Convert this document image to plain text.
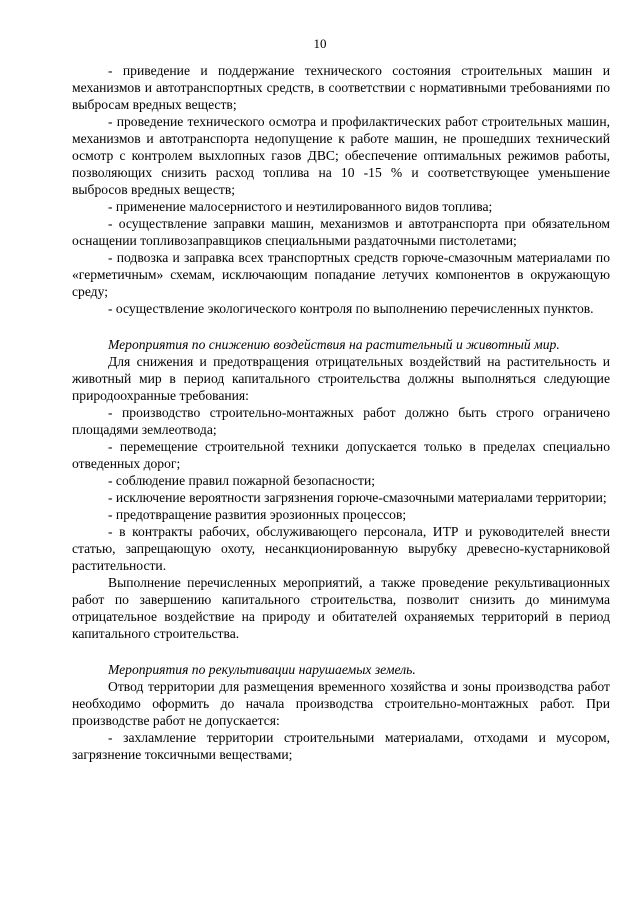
10

- приведение и поддержание технического состояния строительных машин и механизмов и автотранспортных средств, в соответствии с нормативными требованиями по выбросам вредных веществ;

- проведение технического осмотра и профилактических работ строительных машин, механизмов и автотранспорта недопущение к работе машин, не прошедших технический осмотр с контролем выхлопных газов ДВС; обеспечение оптимальных режимов работы, позволяющих снизить расход топлива на 10 -15 % и соответствующее уменьшение выбросов вредных веществ;

- применение малосернистого и неэтилированного видов топлива;

- осуществление заправки машин, механизмов и автотранспорта при обязательном оснащении топливозаправщиков специальными раздаточными пистолетами;

- подвозка и заправка всех транспортных средств горюче-смазочным материалами по «герметичным» схемам, исключающим попадание летучих компонентов в окружающую среду;

- осуществление экологического контроля по выполнению перечисленных пунктов.

Мероприятия по снижению воздействия на растительный и животный мир.

Для снижения и предотвращения отрицательных воздействий на растительность и животный мир в период капитального строительства должны выполняться следующие природоохранные требования:

- производство строительно-монтажных работ должно быть строго ограничено площадями землеотвода;

- перемещение строительной техники допускается только в пределах специально отведенных дорог;

- соблюдение правил пожарной безопасности;

- исключение вероятности загрязнения горюче-смазочными материалами территории;

- предотвращение развития эрозионных процессов;

- в контракты рабочих, обслуживающего персонала, ИТР и руководителей внести статью, запрещающую охоту, несанкционированную вырубку древесно-кустарниковой растительности.

Выполнение перечисленных мероприятий, а также проведение рекультивационных работ по завершению капитального строительства, позволит снизить до минимума отрицательное воздействие на природу и обитателей охраняемых территорий в период капитального строительства.

Мероприятия по рекультивации нарушаемых земель.

Отвод территории для размещения временного хозяйства и зоны производства работ необходимо оформить до начала производства строительно-монтажных работ. При производстве работ не допускается:

- захламление территории строительными материалами, отходами и мусором, загрязнение токсичными веществами;
